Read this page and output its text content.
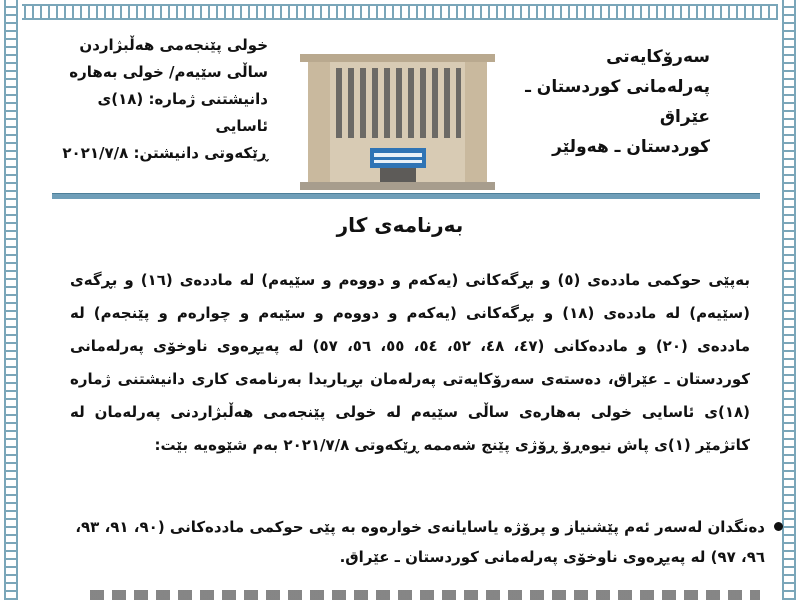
سەرۆکایەتی
پەرلەمانی کوردستان ـ عێراق
کوردستان ـ هەولێر
خولی پێنجەمی هەڵبژاردن
ساڵی سێیەم/ خولی بەهارە
دانیشتنی ژمارە: (١٨)ی ئاسایی
ڕێکەوتی دانیشتن: ٢٠٢١/٧/٨
بەرنامەی کار

بەپێی حوکمی ماددەی (٥) و بڕگەکانی (یەکەم و دووەم و سێیەم) لە ماددەی (١٦) و بڕگەی (سێیەم) لە ماددەی (١٨) و بڕگەکانی (یەکەم و دووەم و سێیەم و چوارەم و پێنجەم) لە ماددەی (٢٠) و ماددەکانی (٤٧، ٤٨، ٥٢، ٥٤، ٥٥، ٥٦، ٥٧) لە پەیڕەوی ناوخۆی پەرلەمانی کوردستان ـ عێراق، دەستەی سەرۆکایەتی پەرلەمان بڕیاریدا بەرنامەی کاری دانیشتنی ژمارە (١٨)ی ئاسایی خولی بەهارەی ساڵی سێیەم لە خولی پێنجەمی هەڵبژاردنی پەرلەمان لە کاتژمێر (١)ی پاش نیوەڕۆ ڕۆژی پێنج شەممە ڕێکەوتی ٢٠٢١/٧/٨ بەم شێوەیە بێت:

دەنگدان لەسەر ئەم پێشنیاز و پرۆژە یاسایانەی خوارەوە بە پێی حوکمی ماددەکانی (٩٠، ٩١، ٩٣، ٩٦، ٩٧) لە پەیڕەوی ناوخۆی پەرلەمانی کوردستان ـ عێراق.
